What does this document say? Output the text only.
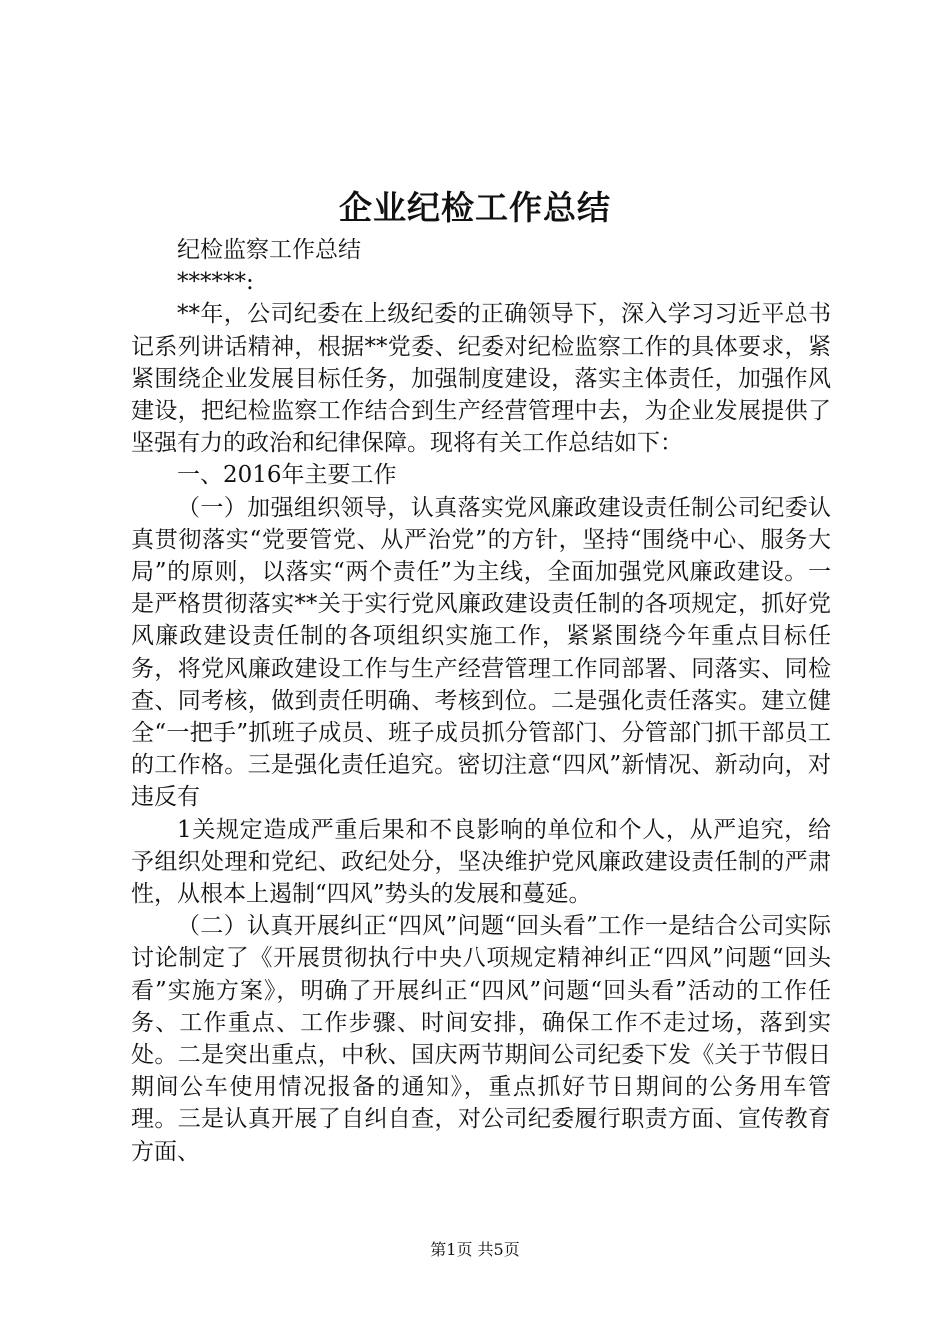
企业纪检工作总结

纪检监察工作总结

******:

**年，公司纪委在上级纪委的正确领导下，深入学习习近平总书记系列讲话精神，根据**党委、纪委对纪检监察工作的具体要求，紧紧围绕企业发展目标任务，加强制度建设，落实主体责任，加强作风建设，把纪检监察工作结合到生产经营管理中去，为企业发展提供了坚强有力的政治和纪律保障。现将有关工作总结如下：

一、2016年主要工作

（一）加强组织领导，认真落实党风廉政建设责任制公司纪委认真贯彻落实“党要管党、从严治党”的方针，坚持“围绕中心、服务大局”的原则，以落实“两个责任”为主线，全面加强党风廉政建设。一是严格贯彻落实**关于实行党风廉政建设责任制的各项规定，抓好党风廉政建设责任制的各项组织实施工作，紧紧围绕今年重点目标任务，将党风廉政建设工作与生产经营管理工作同部署、同落实、同检查、同考核，做到责任明确、考核到位。二是强化责任落实。建立健全“一把手”抓班子成员、班子成员抓分管部门、分管部门抓干部员工的工作格。三是强化责任追究。密切注意“四风”新情况、新动向，对违反有

1关规定造成严重后果和不良影响的单位和个人，从严追究，给予组织处理和党纪、政纪处分，坚决维护党风廉政建设责任制的严肃性，从根本上遏制“四风”势头的发展和蔓延。

（二）认真开展纠正“四风”问题“回头看”工作一是结合公司实际讨论制定了《开展贯彻执行中央八项规定精神纠正“四风”问题“回头看”实施方案》，明确了开展纠正“四风”问题“回头看”活动的工作任务、工作重点、工作步骤、时间安排，确保工作不走过场，落到实处。二是突出重点，中秋、国庆两节期间公司纪委下发《关于节假日期间公车使用情况报备的通知》，重点抓好节日期间的公务用车管理。三是认真开展了自纠自查，对公司纪委履行职责方面、宣传教育方面、

第1页 共5页
